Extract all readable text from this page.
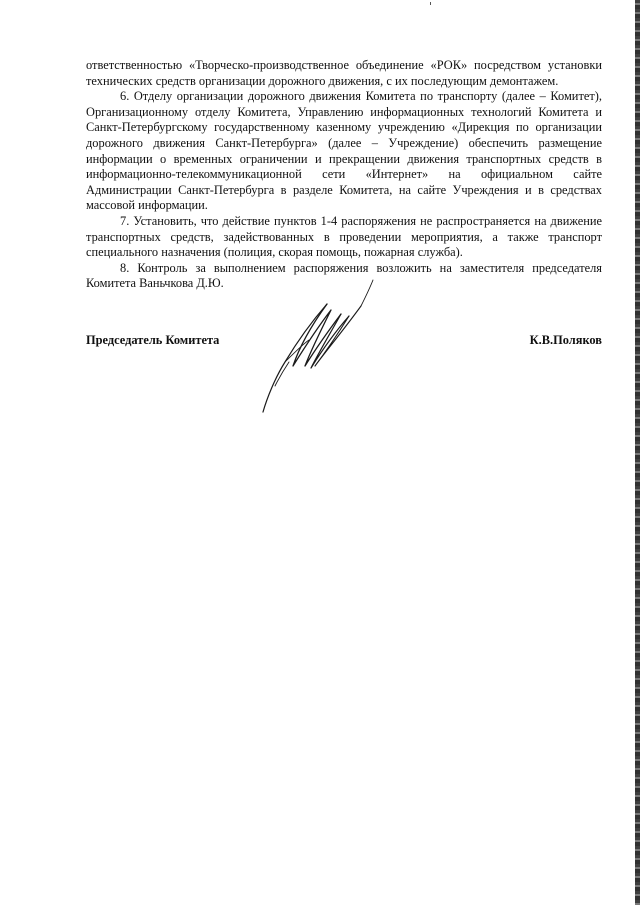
ответственностью «Творческо-производственное объединение «РОК» посредством установки технических средств организации дорожного движения, с их последующим демонтажем.

6. Отделу организации дорожного движения Комитета по транспорту (далее – Комитет), Организационному отделу Комитета, Управлению информационных технологий Комитета и Санкт-Петербургскому государственному казенному учреждению «Дирекция по организации дорожного движения Санкт-Петербурга» (далее – Учреждение) обеспечить размещение информации о временных ограничении и прекращении движения транспортных средств в информационно-телекоммуникационной сети «Интернет» на официальном сайте Администрации Санкт-Петербурга в разделе Комитета, на сайте Учреждения и в средствах массовой информации.

7. Установить, что действие пунктов 1-4 распоряжения не распространяется на движение транспортных средств, задействованных в проведении мероприятия, а также транспорт специального назначения (полиция, скорая помощь, пожарная служба).

8. Контроль за выполнением распоряжения возложить на заместителя председателя Комитета Ваньчкова Д.Ю.

Председатель Комитета	К.В.Поляков
